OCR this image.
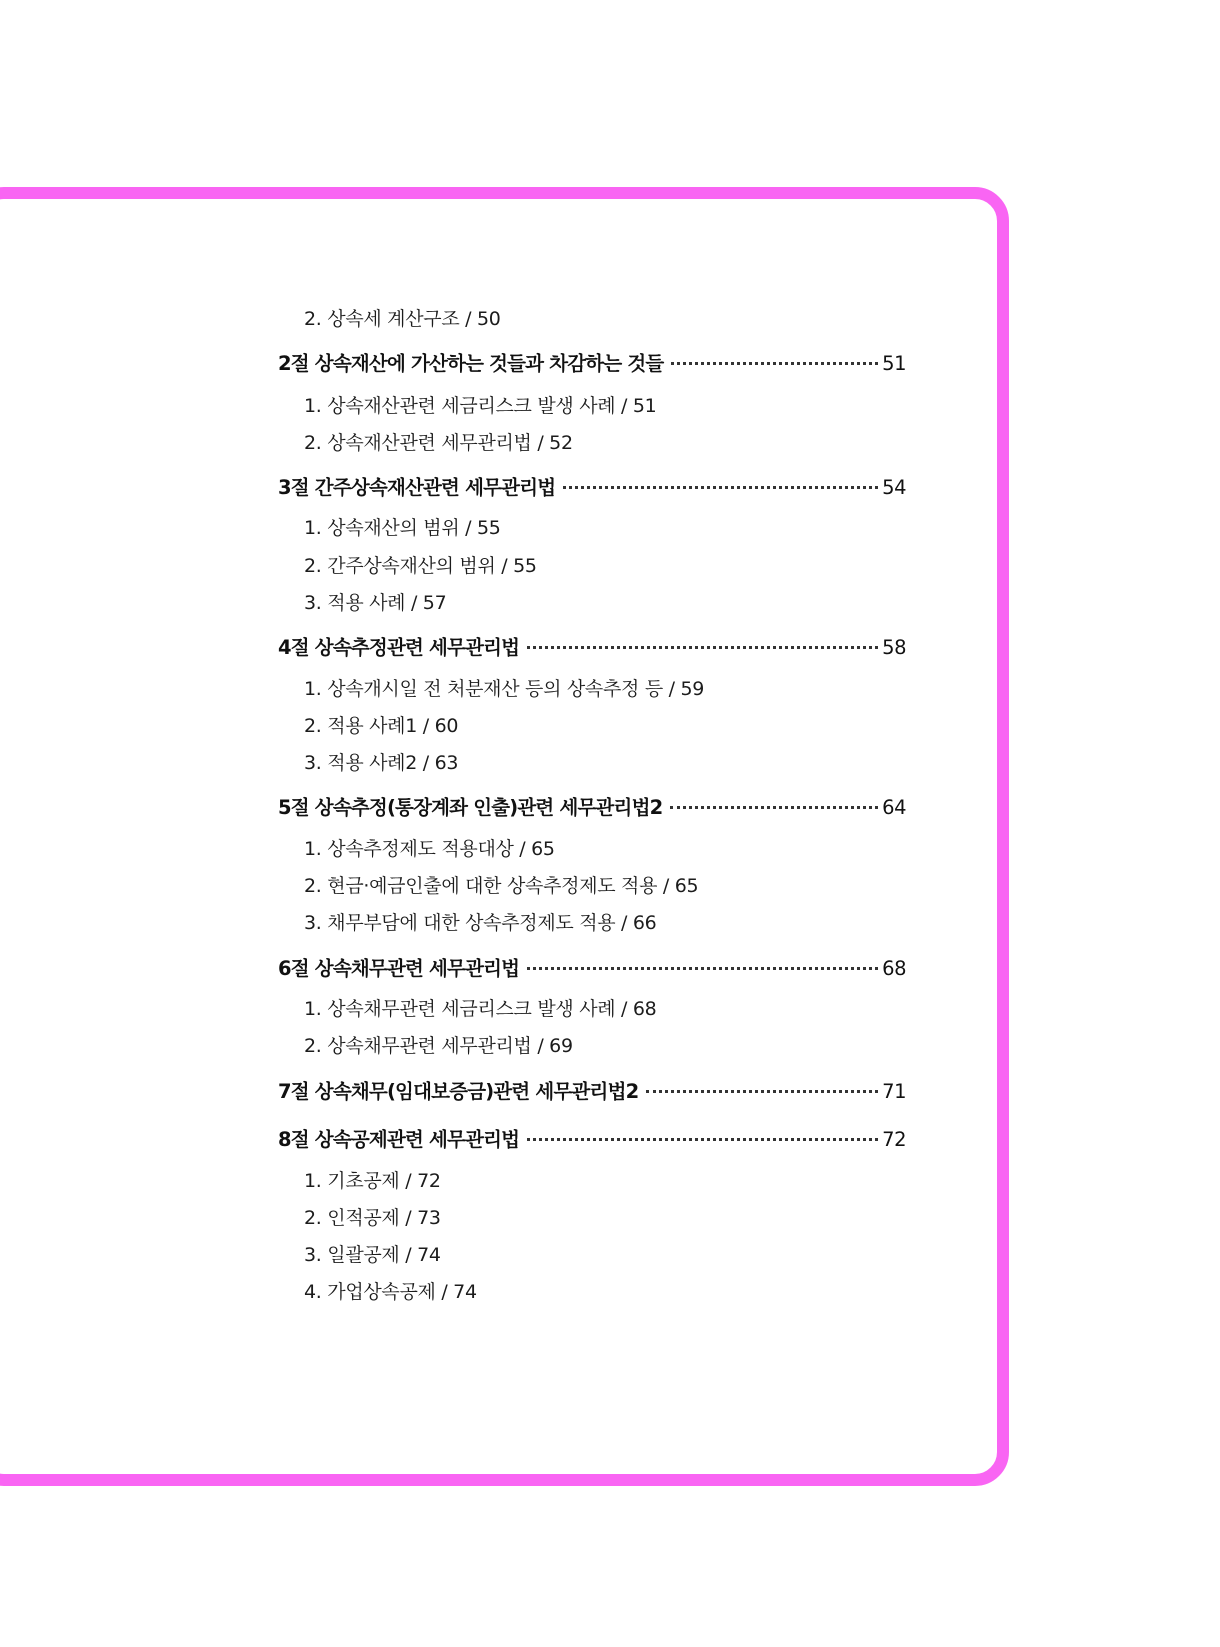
2. 상속세 계산구조 / 50
2절 상속재산에 가산하는 것들과 차감하는 것들	51
1. 상속재산관련 세금리스크 발생 사례 / 51
2. 상속재산관련 세무관리법 / 52
3절 간주상속재산관련 세무관리법	54
1. 상속재산의 범위 / 55
2. 간주상속재산의 범위 / 55
3. 적용 사례 / 57
4절 상속추정관련 세무관리법	58
1. 상속개시일 전 처분재산 등의 상속추정 등 / 59
2. 적용 사례1 / 60
3. 적용 사례2 / 63
5절 상속추정(통장계좌 인출)관련 세무관리법2	64
1. 상속추정제도 적용대상 / 65
2. 현금·예금인출에 대한 상속추정제도 적용 / 65
3. 채무부담에 대한 상속추정제도 적용 / 66
6절 상속채무관련 세무관리법	68
1. 상속채무관련 세금리스크 발생 사례 / 68
2. 상속채무관련 세무관리법 / 69
7절 상속채무(임대보증금)관련 세무관리법2	71
8절 상속공제관련 세무관리법	72
1. 기초공제 / 72
2. 인적공제 / 73
3. 일괄공제 / 74
4. 가업상속공제 / 74
